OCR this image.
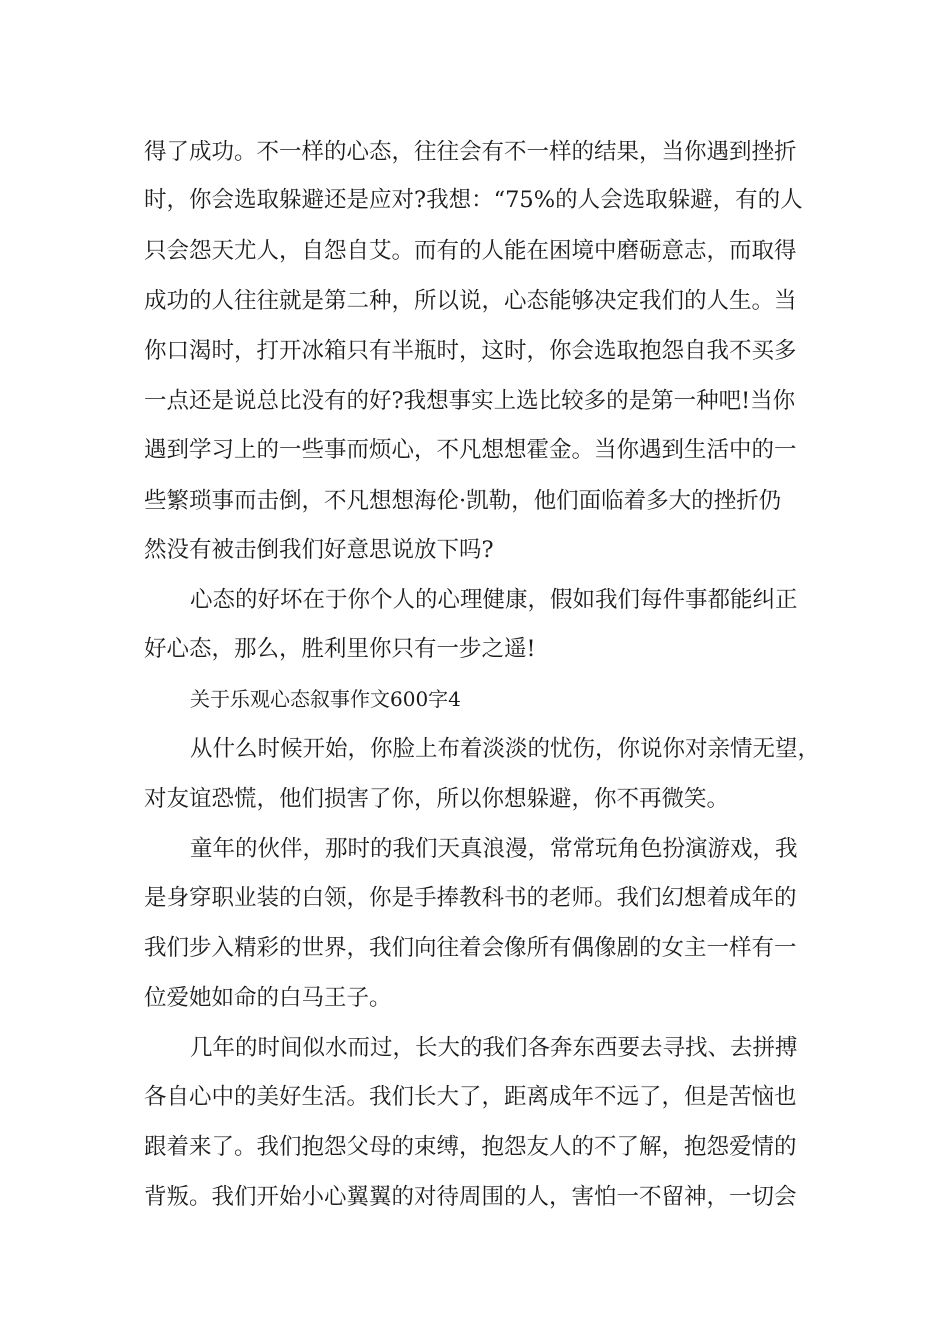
得了成功。不一样的心态，往往会有不一样的结果，当你遇到挫折
时，你会选取躲避还是应对?我想：“75%的人会选取躲避，有的人
只会怨天尤人，自怨自艾。而有的人能在困境中磨砺意志，而取得
成功的人往往就是第二种，所以说，心态能够决定我们的人生。当
你口渴时，打开冰箱只有半瓶时，这时，你会选取抱怨自我不买多
一点还是说总比没有的好?我想事实上选比较多的是第一种吧!当你
遇到学习上的一些事而烦心，不凡想想霍金。当你遇到生活中的一
些繁琐事而击倒，不凡想想海伦·凯勒，他们面临着多大的挫折仍
然没有被击倒我们好意思说放下吗?
心态的好坏在于你个人的心理健康，假如我们每件事都能纠正
好心态，那么，胜利里你只有一步之遥!
关于乐观心态叙事作文600字4
从什么时候开始，你脸上布着淡淡的忧伤，你说你对亲情无望，
对友谊恐慌，他们损害了你，所以你想躲避，你不再微笑。
童年的伙伴，那时的我们天真浪漫，常常玩角色扮演游戏，我
是身穿职业装的白领，你是手捧教科书的老师。我们幻想着成年的
我们步入精彩的世界，我们向往着会像所有偶像剧的女主一样有一
位爱她如命的白马王子。
几年的时间似水而过，长大的我们各奔东西要去寻找、去拼搏
各自心中的美好生活。我们长大了，距离成年不远了，但是苦恼也
跟着来了。我们抱怨父母的束缚，抱怨友人的不了解，抱怨爱情的
背叛。我们开始小心翼翼的对待周围的人，害怕一不留神，一切会
